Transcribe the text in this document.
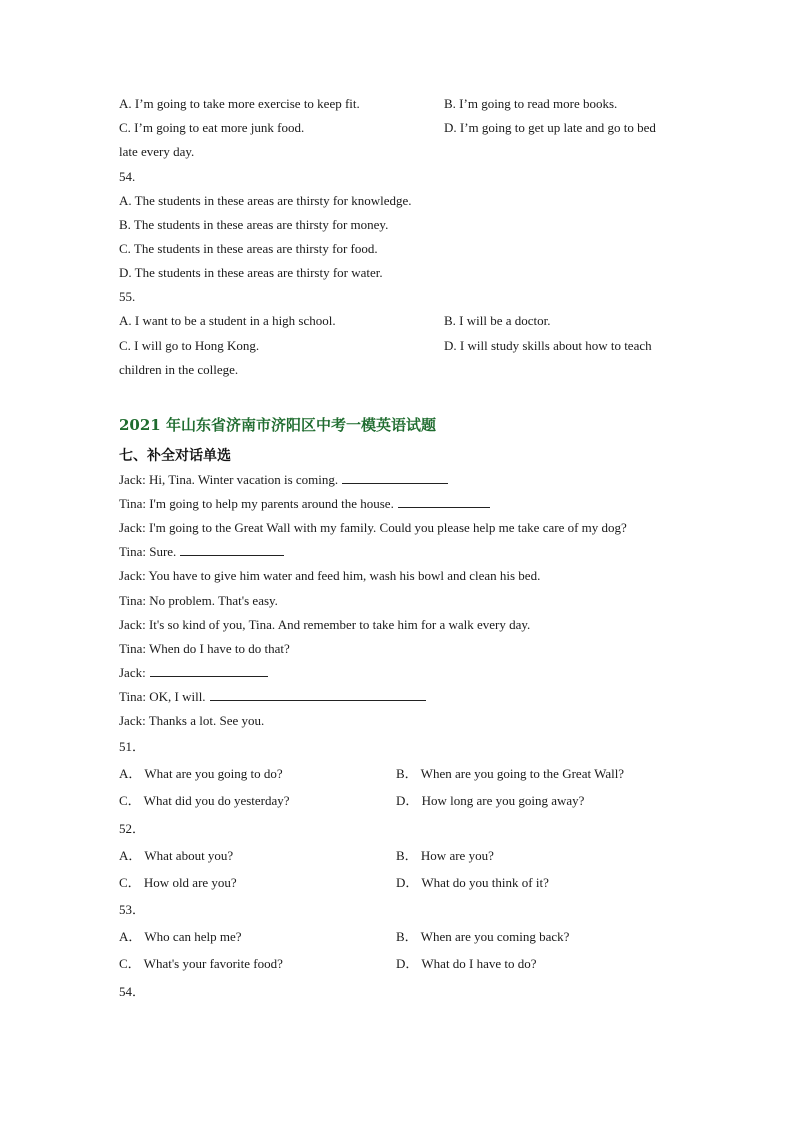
A. I’m going to take more exercise to keep fit.	B. I’m going to read more books.
C. I’m going to eat more junk food.	D. I’m going to get up late and go to bed
late every day.
54.
A. The students in these areas are thirsty for knowledge.
B. The students in these areas are thirsty for money.
C. The students in these areas are thirsty for food.
D. The students in these areas are thirsty for water.
55.
A. I want to be a student in a high school.	B. I will be a doctor.
C. I will go to Hong Kong.	D. I will study skills about how to teach
children in the college.
2021 年山东省济南市济阳区中考一模英语试题
七、补全对话单选
Jack: Hi, Tina. Winter vacation is coming.
Tina: I'm going to help my parents around the house.
Jack: I'm going to the Great Wall with my family. Could you please help me take care of my dog?
Tina: Sure.
Jack: You have to give him water and feed him, wash his bowl and clean his bed.
Tina: No problem. That's easy.
Jack: It's so kind of you, Tina. And remember to take him for a walk every day.
Tina: When do I have to do that?
Jack:
Tina: OK, I will.
Jack: Thanks a lot. See you.
51．
A． What are you going to do?	B． When are you going to the Great Wall?
C． What did you do yesterday?	D． How long are you going away?
52．
A． What about you?	B． How are you?
C． How old are you?	D． What do you think of it?
53．
A． Who can help me?	B． When are you coming back?
C． What's your favorite food?	D． What do I have to do?
54．
